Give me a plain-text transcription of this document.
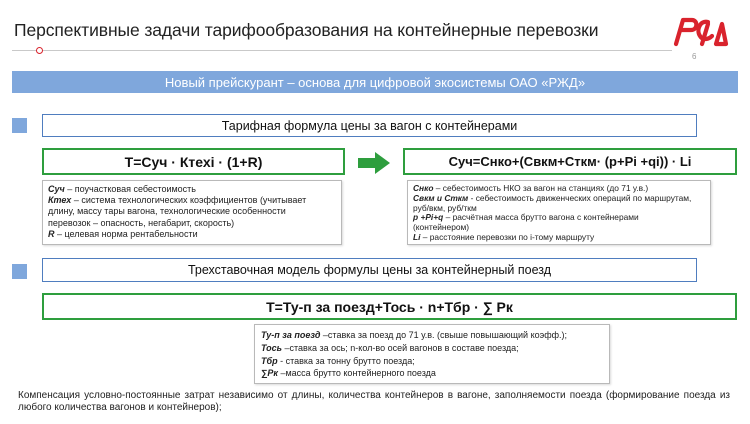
Перспективные задачи тарифообразования на контейнерные перевозки
6
Новый прейскурант – основа для цифровой экосистемы ОАО «РЖД»
Тарифная формула цены за вагон с контейнерами
Т=Суч · Ктехi · (1+R)	Суч=Снко+(Свкм+Сткм· (р+Рi +qi)) · Li
Суч – поучастковая себестоимость
Ктех – система технологических коэффициентов (учитывает
длину, массу тары вагона, технологические особенности
перевозок – опасность, негабарит, скорость)
R – целевая норма рентабельности
Снко – себестоимость НКО за вагон на станциях (до 71 у.в.)
Свкм и Сткм - себестоимость движенческих операций по маршрутам,
руб/вкм, руб/ткм
р +Рi+q – расчётная масса брутто вагона с контейнерами
(контейнером)
Li – расстояние перевозки по i-тому маршруту
Трехставочная модель формулы цены за контейнерный поезд
Т=Ту-п за поезд+Тось · n+Тбр · ∑ Рк
Ту-п за поезд –ставка за поезд до 71 у.в. (свыше повышающий коэфф.);
Тось –ставка за ось; n-кол-во осей вагонов в составе поезда;
Тбр - ставка за тонну брутто поезда;
∑Рк –масса брутто контейнерного поезда
Компенсация условно-постоянные затрат независимо от длины, количества контейнеров в вагоне, заполняемости поезда (формирование поезда из любого количества вагонов и контейнеров);
